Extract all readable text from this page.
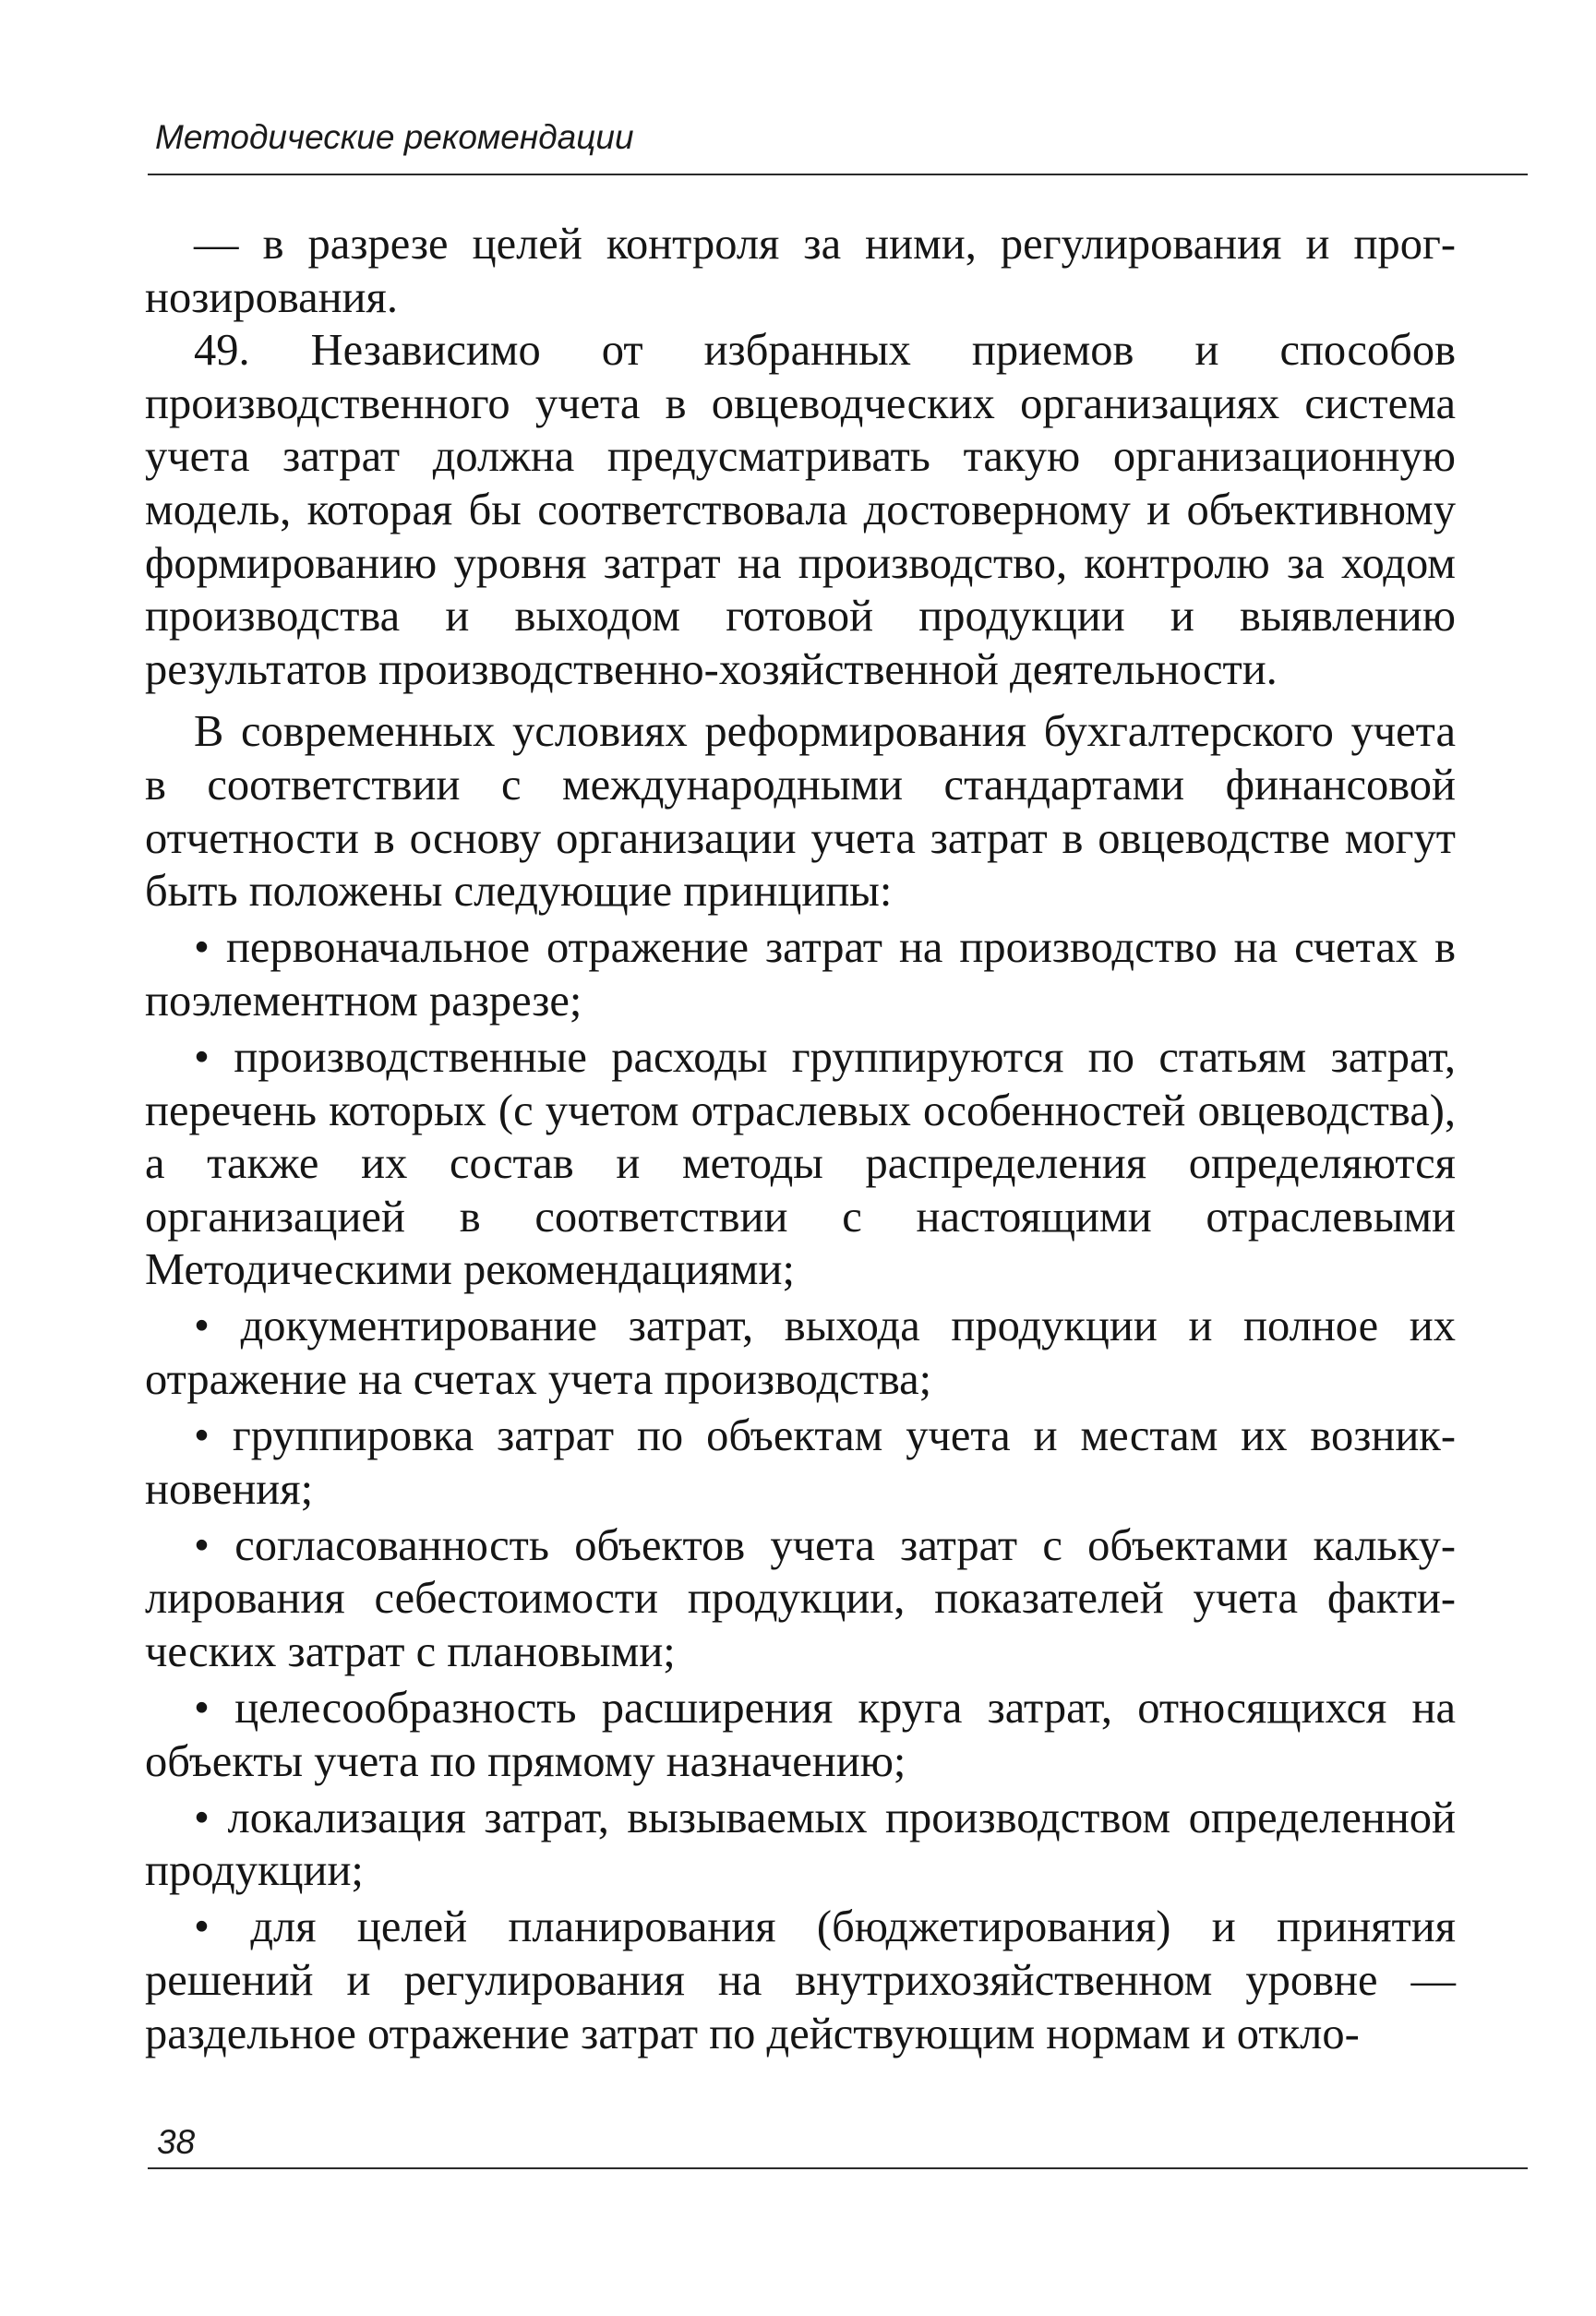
Методические рекомендации

— в разрезе целей контроля за ними, регулирования и прогнозирования.

49. Независимо от избранных приемов и способов производственного учета в овцеводческих организациях система учета затрат должна предусматривать такую организационную модель, которая бы соответствовала достоверному и объективному формированию уровня затрат на производство, контролю за ходом производства и выходом готовой продукции и выявлению результатов производственно-хозяйственной деятельности.

В современных условиях реформирования бухгалтерского учета в соответствии с международными стандартами финансовой отчетности в основу организации учета затрат в овцеводстве могут быть положены следующие принципы:

• первоначальное отражение затрат на производство на счетах в поэлементном разрезе;

• производственные расходы группируются по статьям затрат, перечень которых (с учетом отраслевых особенностей овцеводства), а также их состав и методы распределения определяются организацией в соответствии с настоящими отраслевыми Методическими рекомендациями;

• документирование затрат, выхода продукции и полное их отражение на счетах учета производства;

• группировка затрат по объектам учета и местам их возникновения;

• согласованность объектов учета затрат с объектами калькулирования себестоимости продукции, показателей учета фактических затрат с плановыми;

• целесообразность расширения круга затрат, относящихся на объекты учета по прямому назначению;

• локализация затрат, вызываемых производством определенной продукции;

• для целей планирования (бюджетирования) и принятия решений и регулирования на внутрихозяйственном уровне — раздельное отражение затрат по действующим нормам и откло-

38
